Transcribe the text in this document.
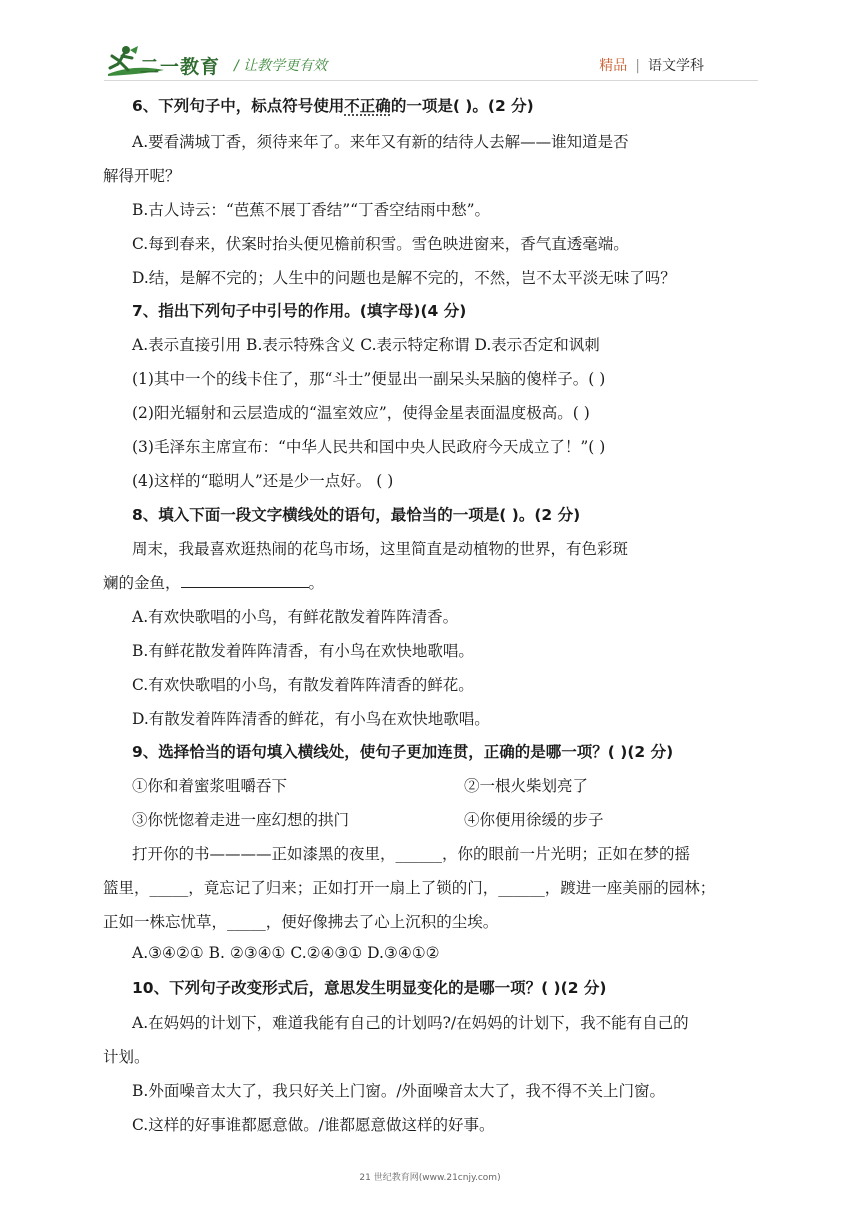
二一教育 / 让教学更有效	精品 | 语文学科
6、下列句子中，标点符号使用不正确的一项是( )。(2 分)
A.要看满城丁香，须待来年了。来年又有新的结待人去解——谁知道是否
解得开呢？
B.古人诗云：“芭蕉不展丁香结”“丁香空结雨中愁”。
C.每到春来，伏案时抬头便见檐前积雪。雪色映进窗来，香气直透毫端。
D.结，是解不完的；人生中的问题也是解不完的，不然，岂不太平淡无味了吗？
7、指出下列句子中引号的作用。(填字母)(4 分)
A.表示直接引用 B.表示特殊含义 C.表示特定称谓 D.表示否定和讽刺
(1)其中一个的线卡住了，那“斗士”便显出一副呆头呆脑的傻样子。( )
(2)阳光辐射和云层造成的“温室效应”，使得金星表面温度极高。( )
(3)毛泽东主席宣布：“中华人民共和国中央人民政府今天成立了！”( )
(4)这样的“聪明人”还是少一点好。 ( )
8、填入下面一段文字横线处的语句，最恰当的一项是( )。(2 分)
周末，我最喜欢逛热闹的花鸟市场，这里简直是动植物的世界，有色彩斑
斓的金鱼，	。
A.有欢快歌唱的小鸟，有鲜花散发着阵阵清香。
B.有鲜花散发着阵阵清香，有小鸟在欢快地歌唱。
C.有欢快歌唱的小鸟，有散发着阵阵清香的鲜花。
D.有散发着阵阵清香的鲜花，有小鸟在欢快地歌唱。
9、选择恰当的语句填入横线处，使句子更加连贯，正确的是哪一项？( )(2 分)
①你和着蜜浆咀嚼吞下	②一根火柴划亮了
③你恍惚着走进一座幻想的拱门	④你便用徐缓的步子
打开你的书————正如漆黑的夜里，______，你的眼前一片光明；正如在梦的摇
篮里，_____，竟忘记了归来；正如打开一扇上了锁的门，______，踱进一座美丽的园林；
正如一株忘忧草，_____，便好像拂去了心上沉积的尘埃。
A.③④②① B. ②③④① C.②④③① D.③④①②
10、下列句子改变形式后，意思发生明显变化的是哪一项？( )(2 分)
A.在妈妈的计划下，难道我能有自己的计划吗?/在妈妈的计划下，我不能有自己的
计划。
B.外面噪音太大了，我只好关上门窗。/外面噪音太大了，我不得不关上门窗。
C.这样的好事谁都愿意做。/谁都愿意做这样的好事。
21 世纪教育网(www.21cnjy.com)
